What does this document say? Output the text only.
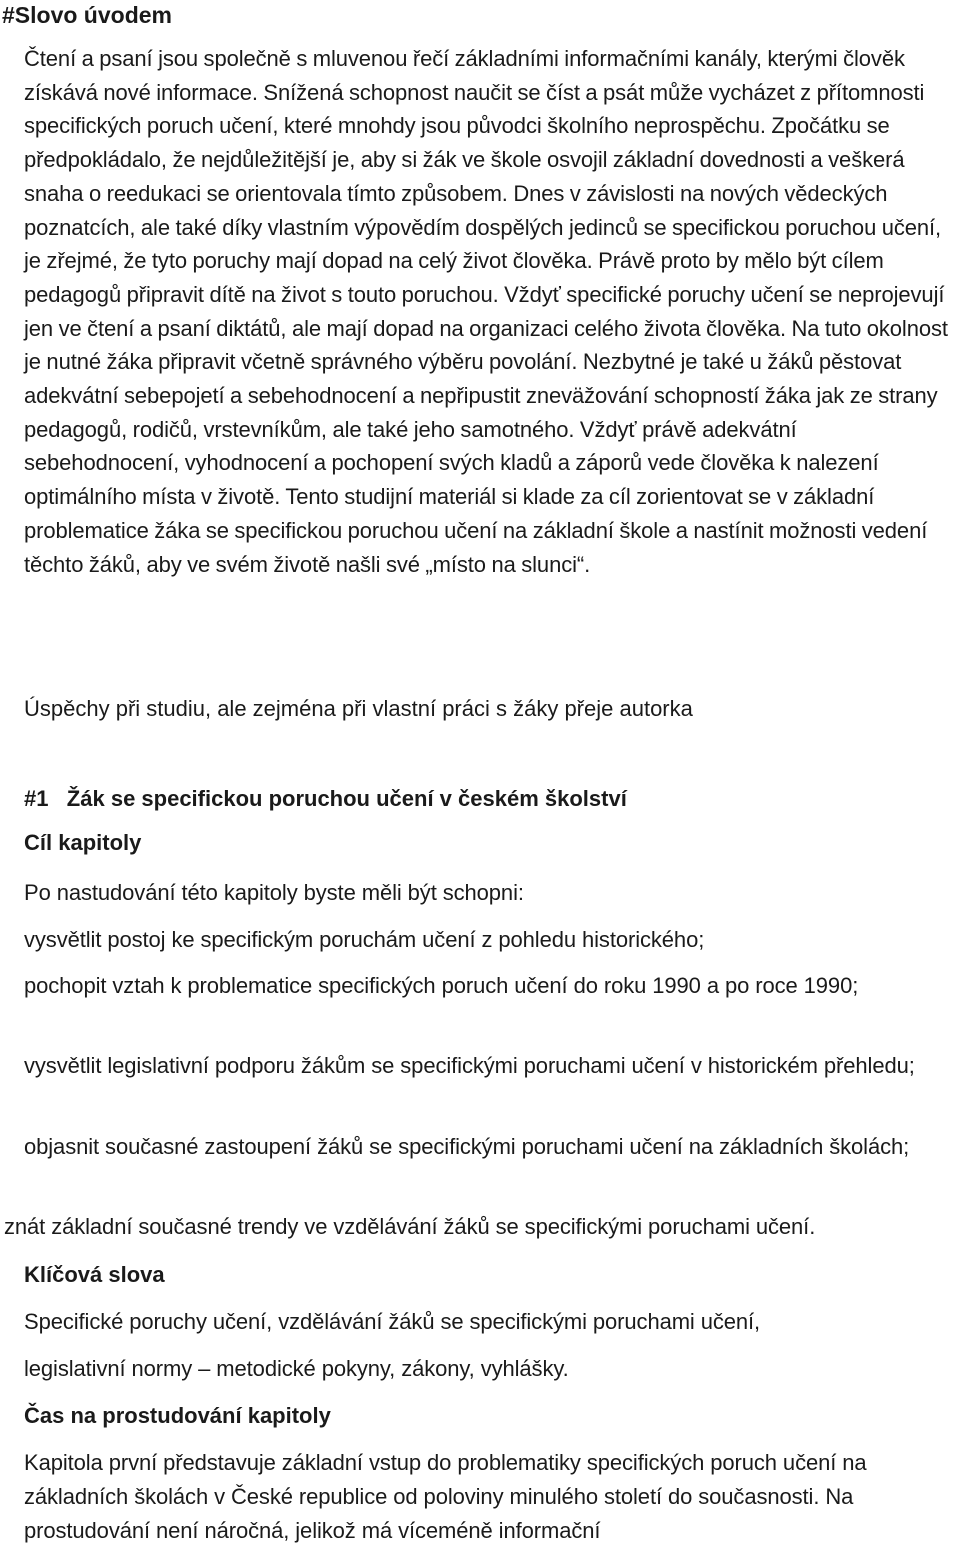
#Slovo úvodem

Čtení a psaní jsou společně s mluvenou řečí základními informačními kanály, kterými člověk získává nové informace. Snížená schopnost naučit se číst a psát může vycházet z přítomnosti specifických poruch učení, které mnohdy jsou původci školního neprospěchu. Zpočátku se předpokládalo, že nejdůležitější je, aby si žák ve škole osvojil základní dovednosti a veškerá snaha o reedukaci se orientovala tímto způsobem. Dnes v závislosti na nových vědeckých poznatcích, ale také díky vlastním výpovědím dospělých jedinců se specifickou poruchou učení, je zřejmé, že tyto poruchy mají dopad na celý život člověka. Právě proto by mělo být cílem pedagogů připravit dítě na život s touto poruchou. Vždyť specifické poruchy učení se neprojevují jen ve čtení a psaní diktátů, ale mají dopad na organizaci celého života člověka. Na tuto okolnost je nutné žáka připravit včetně správného výběru povolání. Nezbytné je také u žáků pěstovat adekvátní sebepojetí a sebehodnocení a nepřipustit zneväžování schopností žáka jak ze strany pedagogů, rodičů, vrstevníkům, ale také jeho samotného. Vždyť právě adekvátní sebehodnocení, vyhodnocení a pochopení svých kladů a záporů vede člověka k nalezení optimálního místa v životě. Tento studijní materiál si klade za cíl zorientovat se v základní problematice žáka se specifickou poruchou učení na základní škole a nastínit možnosti vedení těchto žáků, aby ve svém životě našli své „místo na slunci“.

Úspěchy při studiu, ale zejména při vlastní práci s žáky přeje autorka

#1   Žák se specifickou poruchou učení v českém školství
Cíl kapitoly

Po nastudování této kapitoly byste měli být schopni:

vysvětlit postoj ke specifickým poruchám učení z pohledu historického;

pochopit vztah k problematice specifických poruch učení do roku 1990 a po roce 1990;

vysvětlit legislativní podporu žákům se specifickými poruchami učení v historickém přehledu;

objasnit současné zastoupení žáků se specifickými poruchami učení na základních školách;

znát základní současné trendy ve vzdělávání žáků se specifickými poruchami učení.

Klíčová slova

Specifické poruchy učení, vzdělávání žáků se specifickými poruchami učení,

legislativní normy – metodické pokyny, zákony, vyhlášky.

Čas na prostudování kapitoly

Kapitola první představuje základní vstup do problematiky specifických poruch učení na základních školách v České republice od poloviny minulého století do současnosti. Na prostudování není náročná, jelikož má víceméně informační
